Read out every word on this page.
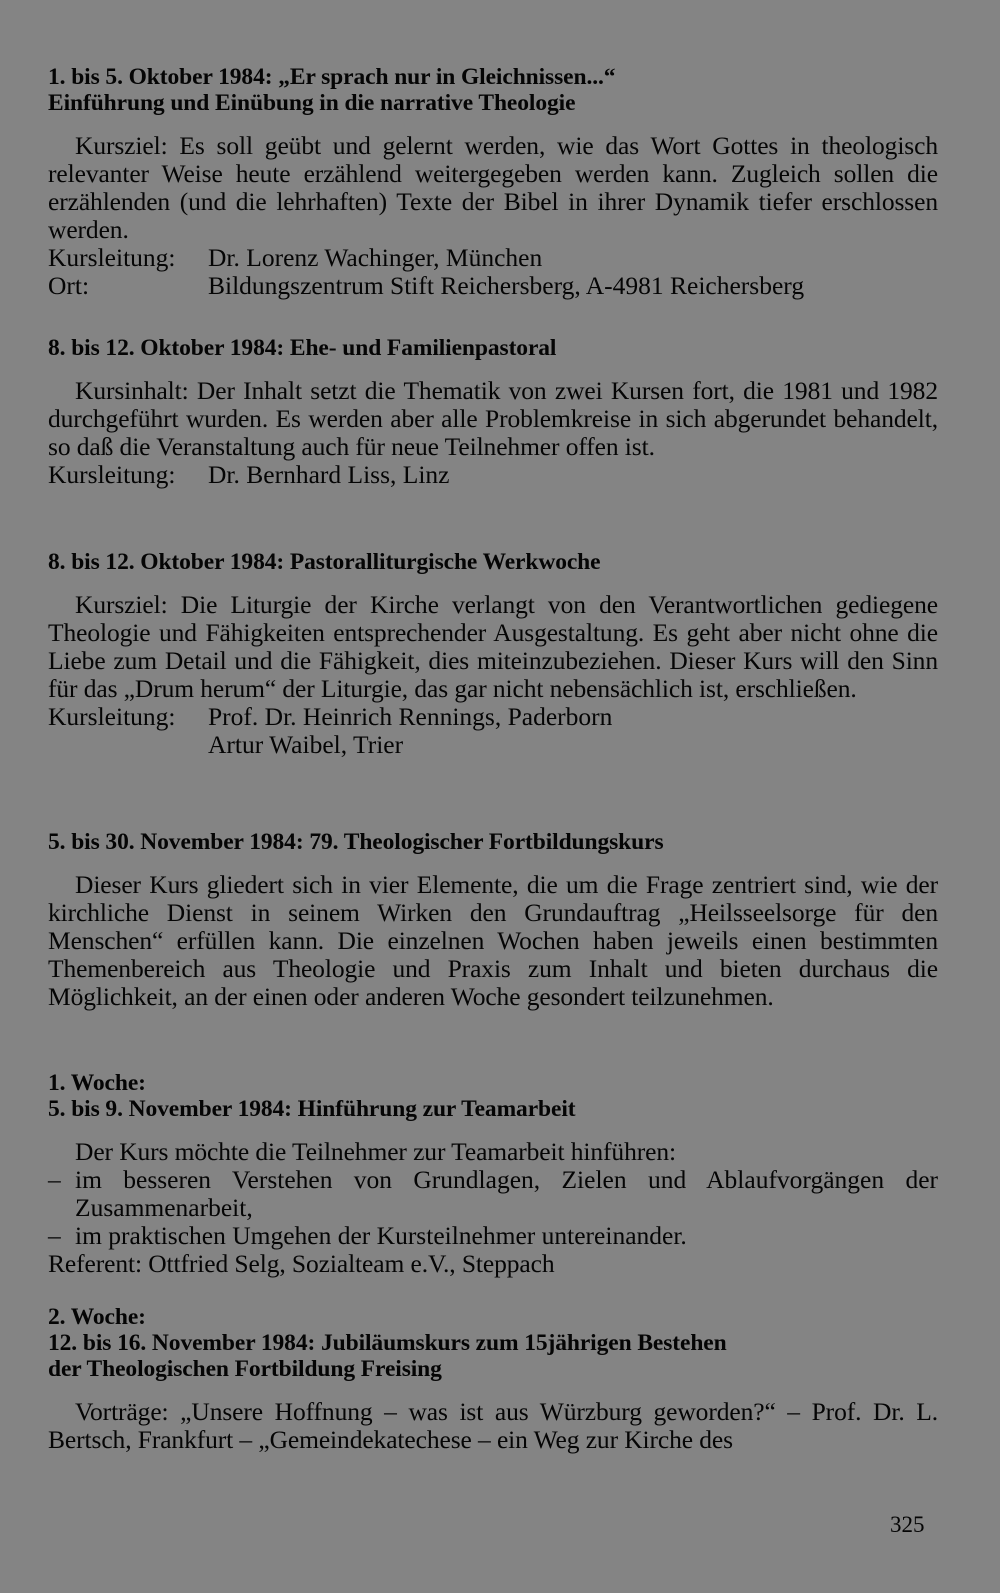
1. bis 5. Oktober 1984: „Er sprach nur in Gleichnissen...“
Einführung und Einübung in die narrative Theologie
Kursziel: Es soll geübt und gelernt werden, wie das Wort Gottes in theologisch relevanter Weise heute erzählend weitergegeben werden kann. Zugleich sollen die erzählenden (und die lehrhaften) Texte der Bibel in ihrer Dynamik tiefer erschlossen werden.
Kursleitung:	Dr. Lorenz Wachinger, München
Ort:	Bildungszentrum Stift Reichersberg, A-4981 Reichersberg
8. bis 12. Oktober 1984: Ehe- und Familienpastoral
Kursinhalt: Der Inhalt setzt die Thematik von zwei Kursen fort, die 1981 und 1982 durchgeführt wurden. Es werden aber alle Problemkreise in sich abgerundet behandelt, so daß die Veranstaltung auch für neue Teilnehmer offen ist.
Kursleitung:	Dr. Bernhard Liss, Linz
8. bis 12. Oktober 1984: Pastoralliturgische Werkwoche
Kursziel: Die Liturgie der Kirche verlangt von den Verantwortlichen gediegene Theologie und Fähigkeiten entsprechender Ausgestaltung. Es geht aber nicht ohne die Liebe zum Detail und die Fähigkeit, dies miteinzubeziehen. Dieser Kurs will den Sinn für das „Drum herum“ der Liturgie, das gar nicht nebensächlich ist, erschließen.
Kursleitung:	Prof. Dr. Heinrich Rennings, Paderborn
Artur Waibel, Trier
5. bis 30. November 1984: 79. Theologischer Fortbildungskurs
Dieser Kurs gliedert sich in vier Elemente, die um die Frage zentriert sind, wie der kirchliche Dienst in seinem Wirken den Grundauftrag „Heilsseelsorge für den Menschen“ erfüllen kann. Die einzelnen Wochen haben jeweils einen bestimmten Themenbereich aus Theologie und Praxis zum Inhalt und bieten durchaus die Möglichkeit, an der einen oder anderen Woche gesondert teilzunehmen.
1. Woche:
5. bis 9. November 1984: Hinführung zur Teamarbeit
Der Kurs möchte die Teilnehmer zur Teamarbeit hinführen:
– im besseren Verstehen von Grundlagen, Zielen und Ablaufvorgängen der Zusammenarbeit,
– im praktischen Umgehen der Kursteilnehmer untereinander.
Referent: Ottfried Selg, Sozialteam e.V., Steppach
2. Woche:
12. bis 16. November 1984: Jubiläumskurs zum 15jährigen Bestehen
der Theologischen Fortbildung Freising
Vorträge: „Unsere Hoffnung – was ist aus Würzburg geworden?“ – Prof. Dr. L. Bertsch, Frankfurt – „Gemeindekatechese – ein Weg zur Kirche des
325
